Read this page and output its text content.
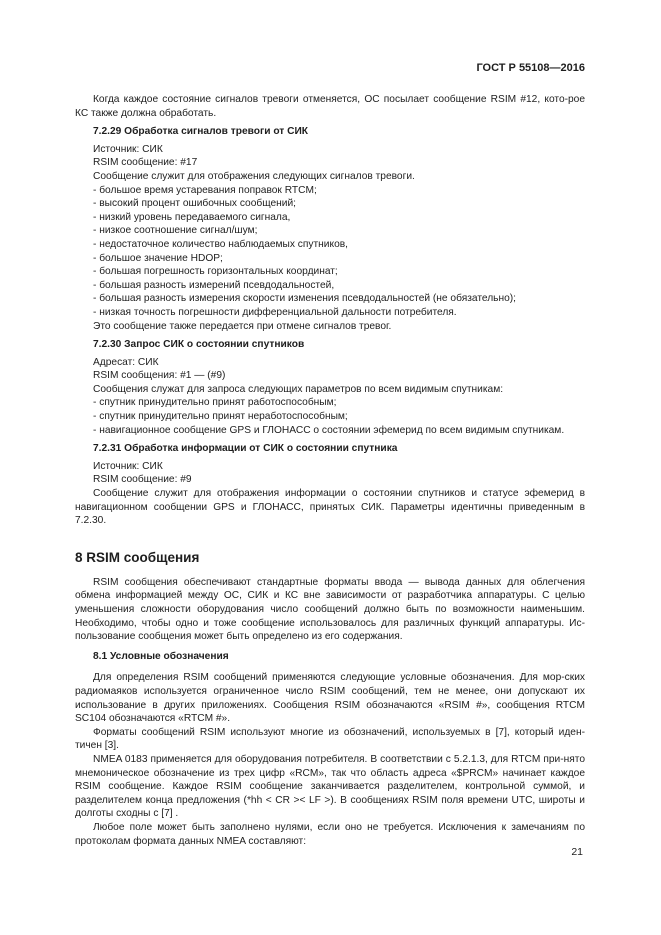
ГОСТ Р 55108—2016

Когда каждое состояние сигналов тревоги отменяется, ОС посылает сообщение RSIM #12, кото-рое КС также должна обработать.

7.2.29 Обработка сигналов тревоги от СИК

Источник: СИК

RSIM сообщение: #17

Сообщение служит для отображения следующих сигналов тревоги.

- большое время устаревания поправок RTCM;

- высокий процент ошибочных сообщений;

- низкий уровень передаваемого сигнала,

- низкое соотношение сигнал/шум;

- недостаточное количество наблюдаемых спутников,

- большое значение HDOP;

- большая погрешность горизонтальных координат;

- большая разность измерений псевдодальностей,

- большая разность измерения скорости изменения псевдодальностей (не обязательно);

- низкая точность погрешности дифференциальной дальности потребителя.

Это сообщение также передается при отмене сигналов тревог.

7.2.30 Запрос СИК о состоянии спутников

Адресат: СИК

RSIM сообщения: #1 — (#9)

Сообщения служат для запроса следующих параметров по всем видимым спутникам:

- спутник принудительно принят работоспособным;

- спутник принудительно принят неработоспособным;

- навигационное сообщение GPS и ГЛОНАСС о состоянии эфемерид по всем видимым спутникам.

7.2.31 Обработка информации от СИК о состоянии спутника

Источник: СИК

RSIM сообщение: #9

Сообщение служит для отображения информации о состоянии спутников и статусе эфемерид в навигационном сообщении GPS и ГЛОНАСС, принятых СИК. Параметры идентичны приведенным в 7.2.30.

8 RSIM сообщения

RSIM сообщения обеспечивают стандартные форматы ввода — вывода данных для облегчения обмена информацией между ОС, СИК и КС вне зависимости от разработчика аппаратуры. С целью уменьшения сложности оборудования число сообщений должно быть по возможности наименьшим. Необходимо, чтобы одно и тоже сообщение использовалось для различных функций аппаратуры. Ис-пользование сообщения может быть определено из его содержания.

8.1 Условные обозначения

Для определения RSIM сообщений применяются следующие условные обозначения. Для мор-ских радиомаяков используется ограниченное число RSIM сообщений, тем не менее, они допускают их использование в других приложениях. Сообщения RSIM обозначаются «RSIM #», сообщения RTCM SC104 обозначаются «RTCM #».

Форматы сообщений RSIM используют многие из обозначений, используемых в [7], который иден-тичен [3].

NMEA 0183 применяется для оборудования потребителя. В соответствии с 5.2.1.3, для RTCM при-нято мнемоническое обозначение из трех цифр «RCM», так что область адреса «$PRCM» начинает каждое RSIM сообщение. Каждое RSIM сообщение заканчивается разделителем, контрольной суммой, и разделителем конца предложения (*hh < CR >< LF >). В сообщениях RSIM поля времени UTC, широты и долготы сходны с [7] .

Любое поле может быть заполнено нулями, если оно не требуется. Исключения к замечаниям по протоколам формата данных NMEA составляют:

21
